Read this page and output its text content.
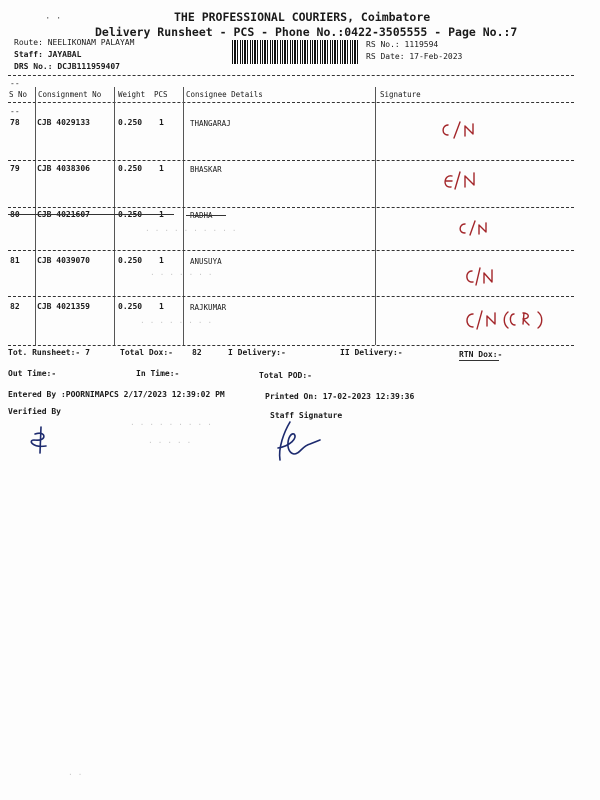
· ·	THE PROFESSIONAL COURIERS, Coimbatore
Delivery Runsheet - PCS - Phone No.:0422-3505555 - Page No.:7
Route: NEELIKONAM PALAYAM
Staff: JAYABAL
DRS No.: DCJB111959407
RS No.: 1119594
RS Date: 17-Feb-2023
--
S No Consignment No Weight PCS Consignee Details	Signature
--
78 CJB 4029133	0.250 1	THANGARAJ
79 CJB 4038306	0.250 1	BHASKAR
80 CJB 4021607	0.250 1	RADHA
· · · · · · · · · ·
81 CJB 4039070	0.250 1	ANUSUYA
· · · · · · ·
82 CJB 4021359	0.250 1	RAJKUMAR
· · · · · · · ·
Tot. Runsheet:- 7	Total Dox:- 82	I Delivery:-	II Delivery:-	RTN Dox:-
Out Time:-	In Time:-	Total POD:-
Entered By :POORNIMAPCS 2/17/2023 12:39:02 PM	Printed On: 17-02-2023 12:39:36
Verified By	Staff Signature
· · · · · · · · ·
· · · · ·
· ·
